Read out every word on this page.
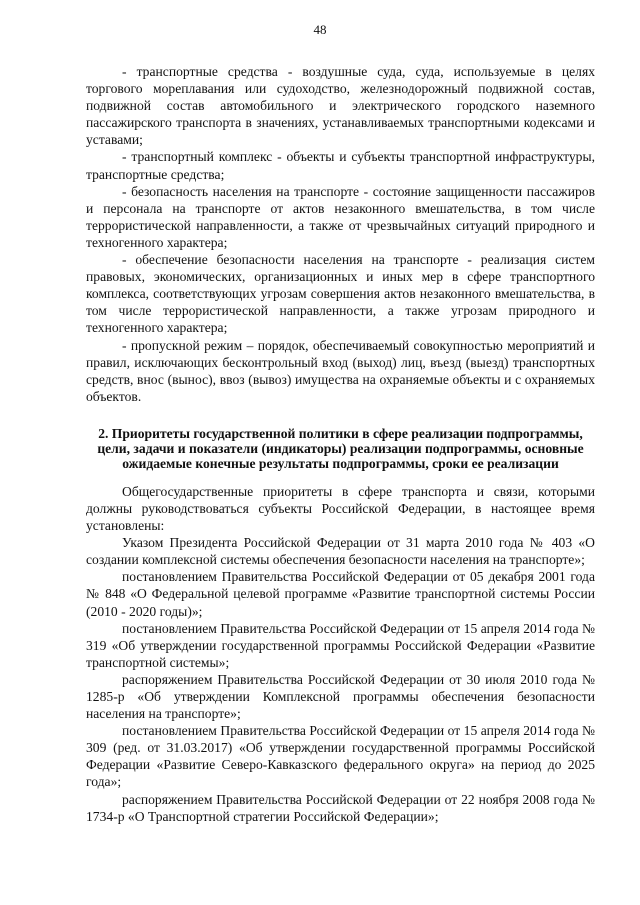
48

- транспортные средства - воздушные суда, суда, используемые в целях торгового мореплавания или судоходство, железнодорожный подвижной состав, подвижной состав автомобильного и электрического городского наземного пассажирского транспорта в значениях, устанавливаемых транспортными кодексами и уставами;

- транспортный комплекс - объекты и субъекты транспортной инфраструктуры, транспортные средства;

- безопасность населения на транспорте - состояние защищенности пассажиров и персонала на транспорте от актов незаконного вмешательства, в том числе террористической направленности, а также от чрезвычайных ситуаций природного и техногенного характера;

- обеспечение безопасности населения на транспорте - реализация систем правовых, экономических, организационных и иных мер в сфере транспортного комплекса, соответствующих угрозам совершения актов незаконного вмешательства, в том числе террористической направленности, а также угрозам природного и техногенного характера;

- пропускной режим – порядок, обеспечиваемый совокупностью мероприятий и правил, исключающих бесконтрольный вход (выход) лиц, въезд (выезд) транспортных средств, внос (вынос), ввоз (вывоз) имущества на охраняемые объекты и с охраняемых объектов.

2. Приоритеты государственной политики в сфере реализации подпрограммы, цели, задачи и показатели (индикаторы) реализации подпрограммы, основные ожидаемые конечные результаты подпрограммы, сроки ее реализации

Общегосударственные приоритеты в сфере транспорта и связи, которыми должны руководствоваться субъекты Российской Федерации, в настоящее время установлены:

Указом Президента Российской Федерации от 31 марта 2010 года № 403 «О создании комплексной системы обеспечения безопасности населения на транспорте»;

постановлением Правительства Российской Федерации от 05 декабря 2001 года № 848 «О Федеральной целевой программе «Развитие транспортной системы России (2010 - 2020 годы)»;

постановлением Правительства Российской Федерации от 15 апреля 2014 года № 319 «Об утверждении государственной программы Российской Федерации «Развитие транспортной системы»;

распоряжением Правительства Российской Федерации от 30 июля 2010 года № 1285-р «Об утверждении Комплексной программы обеспечения безопасности населения на транспорте»;

постановлением Правительства Российской Федерации от 15 апреля 2014 года № 309 (ред. от 31.03.2017) «Об утверждении государственной программы Российской Федерации «Развитие Северо-Кавказского федерального округа» на период до 2025 года»;

распоряжением Правительства Российской Федерации от 22 ноября 2008 года № 1734-р «О Транспортной стратегии Российской Федерации»;
